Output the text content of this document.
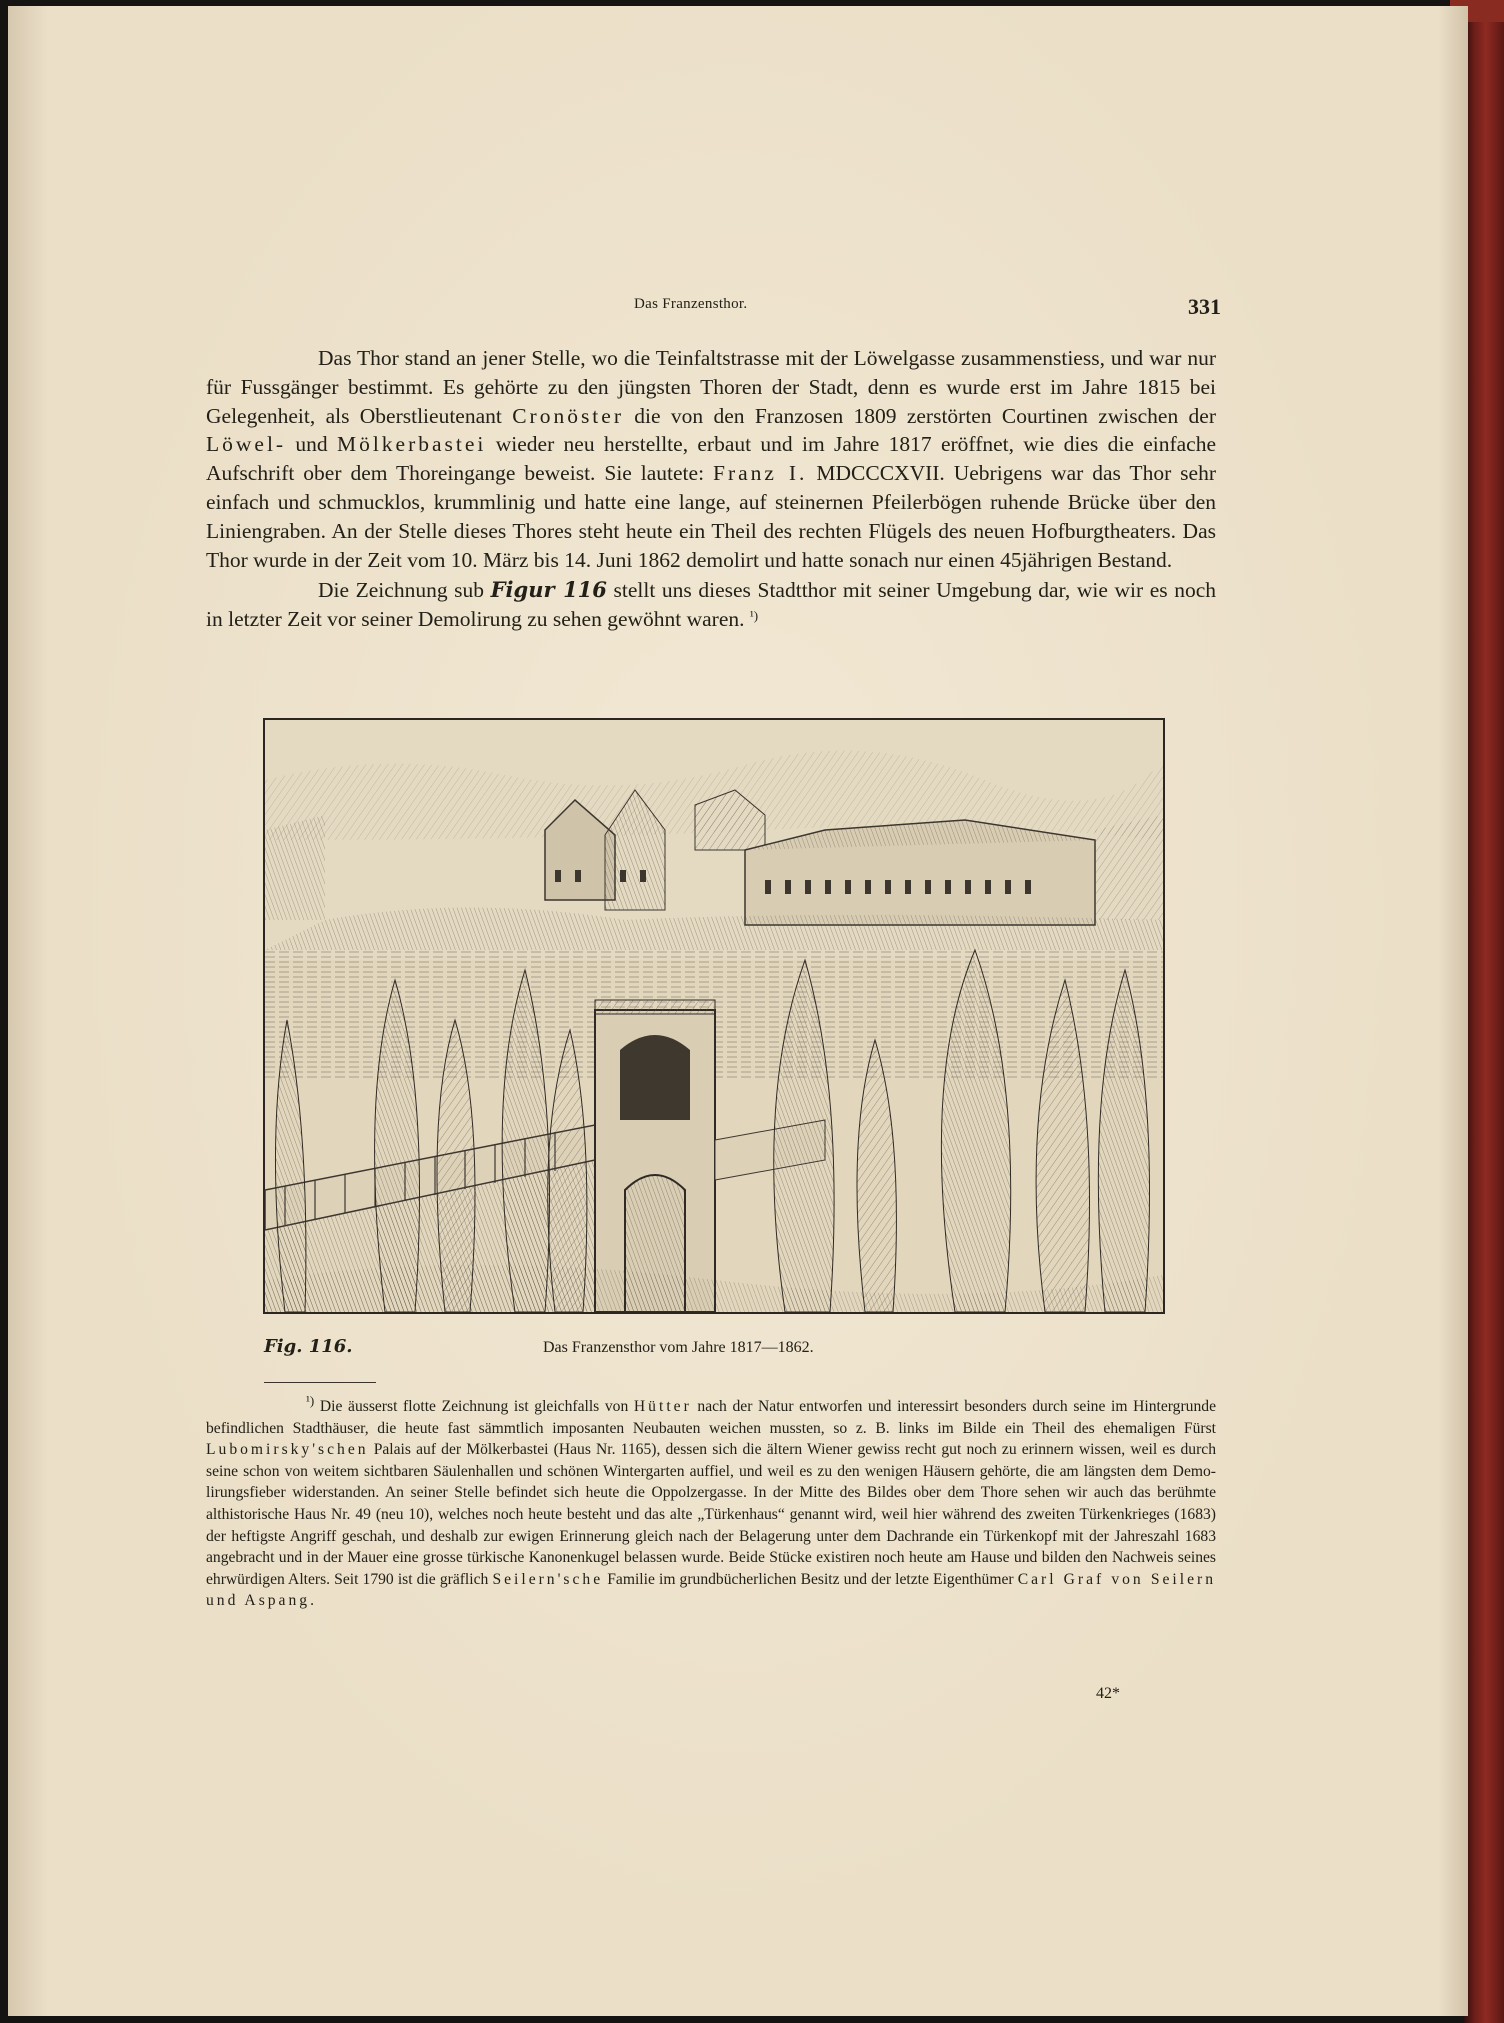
Das Franzensthor.	331

Das Thor stand an jener Stelle, wo die Teinfaltstrasse mit der Löwelgasse zusammenstiess, und war nur für Fussgänger bestimmt. Es gehörte zu den jüngsten Thoren der Stadt, denn es wurde erst im Jahre 1815 bei Gelegenheit, als Oberstlieutenant Cronöster die von den Franzosen 1809 zerstörten Courtinen zwischen der Löwel- und Mölkerbastei wieder neu herstellte, erbaut und im Jahre 1817 eröffnet, wie dies die einfache Aufschrift ober dem Thoreingange beweist. Sie lautete: Franz I. MDCCCXVII. Uebrigens war das Thor sehr einfach und schmucklos, krummlinig und hatte eine lange, auf steinernen Pfeilerbögen ruhende Brücke über den Liniengraben. An der Stelle dieses Thores steht heute ein Theil des rechten Flügels des neuen Hofburgtheaters. Das Thor wurde in der Zeit vom 10. März bis 14. Juni 1862 demolirt und hatte sonach nur einen 45jährigen Bestand.

Die Zeichnung sub Figur 116 stellt uns dieses Stadtthor mit seiner Umgebung dar, wie wir es noch in letzter Zeit vor seiner Demolirung zu sehen gewöhnt waren. $^{^1)}$

Fig. 116.	Das Franzensthor vom Jahre 1817—1862.

$^{^1)}$ Die äusserst flotte Zeichnung ist gleichfalls von Hütter nach der Natur entworfen und interessirt besonders durch seine im Hintergrunde befindlichen Stadthäuser, die heute fast sämmtlich imposanten Neubauten weichen mussten, so z. B. links im Bilde ein Theil des ehemaligen Fürst Lubomirsky'schen Palais auf der Mölkerbastei (Haus Nr. 1165), dessen sich die ältern Wiener gewiss recht gut noch zu erinnern wissen, weil es durch seine schon von weitem sichtbaren Säulenhallen und schönen Wintergarten auffiel, und weil es zu den wenigen Häusern gehörte, die am längsten dem Demolirungsfieber widerstanden. An seiner Stelle befindet sich heute die Oppolzergasse. In der Mitte des Bildes ober dem Thore sehen wir auch das berühmte althistorische Haus Nr. 49 (neu 10), welches noch heute besteht und das alte „Türkenhaus“ genannt wird, weil hier während des zweiten Türkenkrieges (1683) der heftigste Angriff geschah, und deshalb zur ewigen Erinnerung gleich nach der Belagerung unter dem Dachrande ein Türkenkopf mit der Jahreszahl 1683 angebracht und in der Mauer eine grosse türkische Kanonenkugel belassen wurde. Beide Stücke existiren noch heute am Hause und bilden den Nachweis seines ehrwürdigen Alters. Seit 1790 ist die gräflich Seilern'sche Familie im grundbücherlichen Besitz und der letzte Eigenthümer Carl Graf von Seilern und Aspang.

42*
